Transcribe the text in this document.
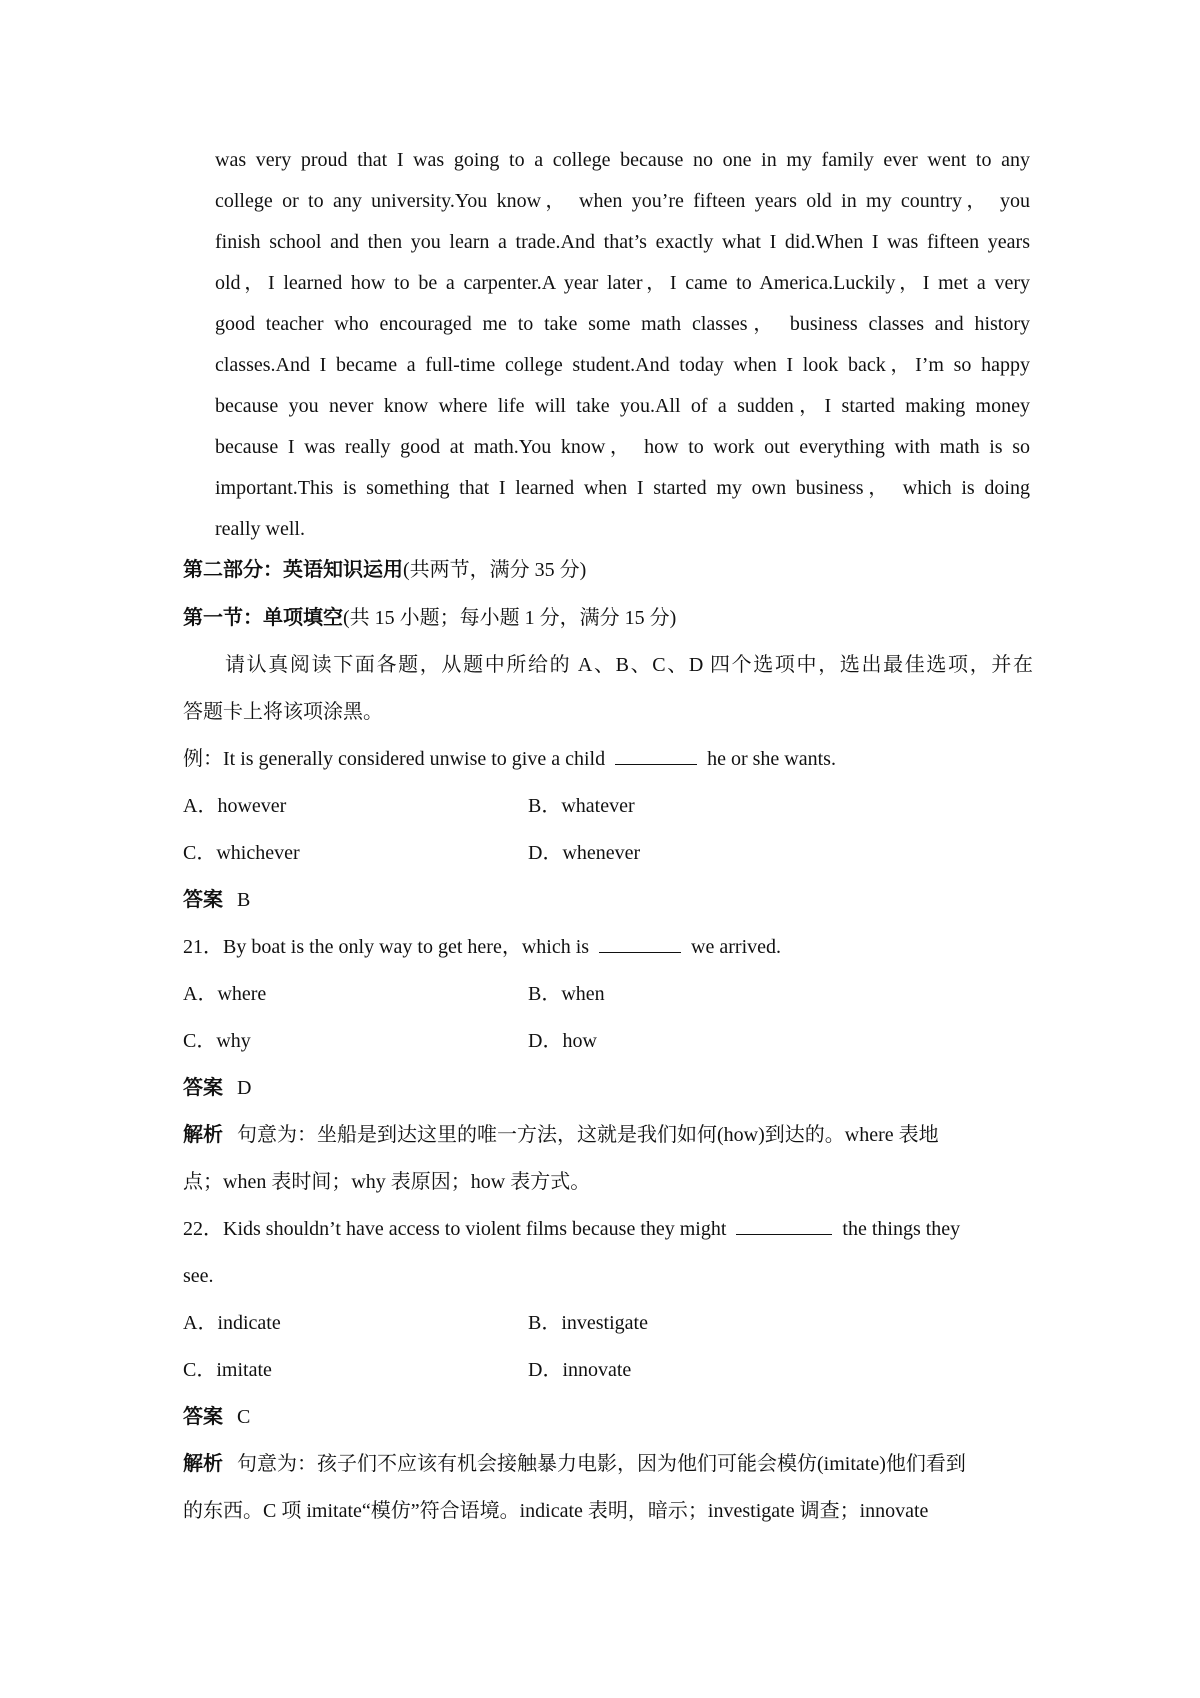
was very proud that I was going to a college because no one in my family ever went to any
college or to any university.You know， when you’re fifteen years old in my country， you
finish school and then you learn a trade.And that’s exactly what I did.When I was fifteen years
old，I learned how to be a carpenter.A year later，I came to America.Luckily，I met a very
good teacher who encouraged me to take some math classes， business classes and history
classes.And I became a full-time college student.And today when I look back，I’m so happy
because you never know where life will take you.All of a sudden，I started making money
because I was really good at math.You know， how to work out everything with math is so
important.This is something that I learned when I started my own business， which is doing
really well.
第二部分：英语知识运用(共两节，满分 35 分)
第一节：单项填空(共 15 小题；每小题 1 分，满分 15 分)
请认真阅读下面各题，从题中所给的 A、B、C、D 四个选项中，选出最佳选项，并在
答题卡上将该项涂黑。
例：It is generally considered unwise to give a child	he or she wants.
A．however	B．whatever
C．whichever	D．whenever
答案 B
21．By boat is the only way to get here，which is	we arrived.
A．where	B．when
C．why	D．how
答案 D
解析 句意为：坐船是到达这里的唯一方法，这就是我们如何(how)到达的。where 表地
点；when 表时间；why 表原因；how 表方式。
22．Kids shouldn’t have access to violent films because they might	the things they
see.
A．indicate	B．investigate
C．imitate	D．innovate
答案 C
解析 句意为：孩子们不应该有机会接触暴力电影，因为他们可能会模仿(imitate)他们看到
的东西。C 项 imitate“模仿”符合语境。indicate 表明，暗示；investigate 调查；innovate
